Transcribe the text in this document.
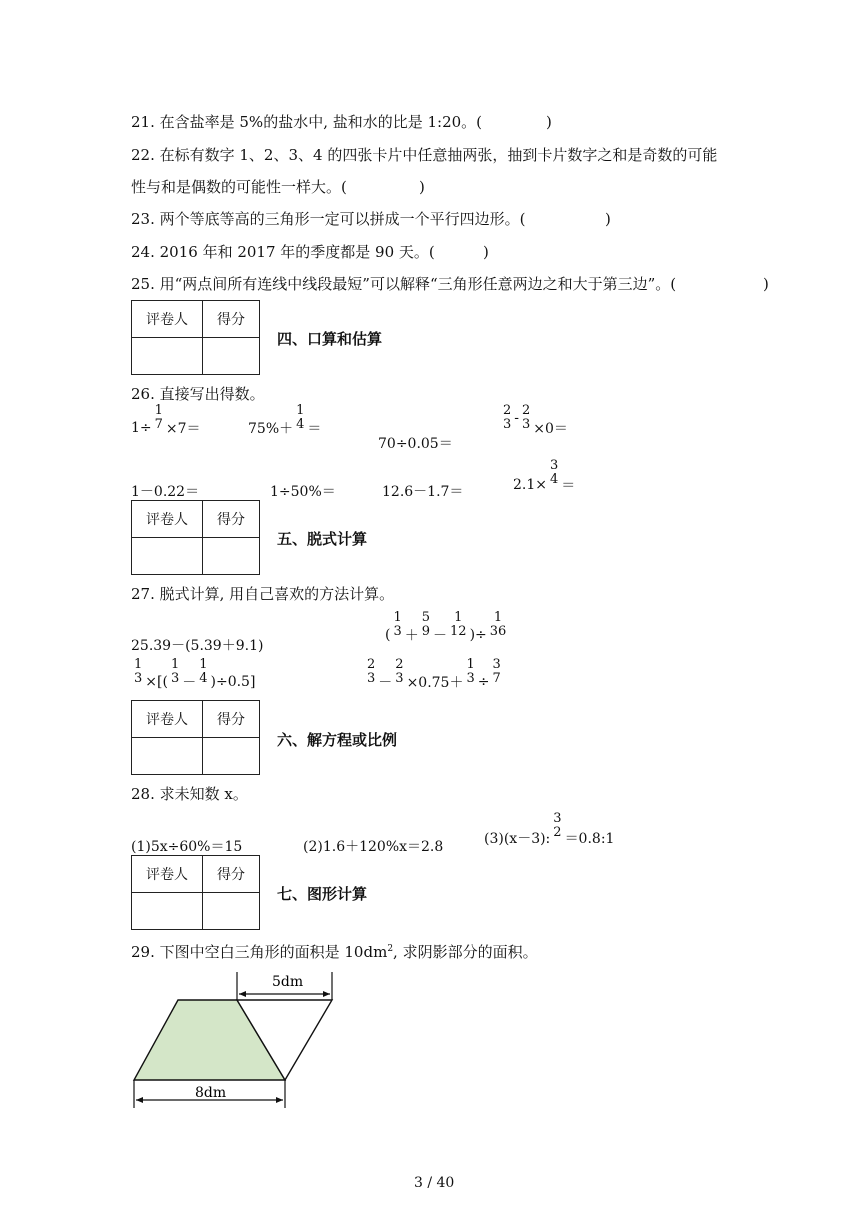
21. 在含盐率是 5%的盐水中, 盐和水的比是 1:20。(	)
22. 在标有数字 1、2、3、4 的四张卡片中任意抽两张，抽到卡片数字之和是奇数的可能
性与和是偶数的可能性一样大。(	)
23. 两个等底等高的三角形一定可以拼成一个平行四边形。(	)
24. 2016 年和 2017 年的季度都是 90 天。(	)
25. 用“两点间所有连线中线段最短”可以解释“三角形任意两边之和大于第三边”。(	)
评卷人	得分

四、口算和估算
26. 直接写出得数。
1÷
1
7 ×7＝	75%＋
1
4 ＝
70÷0.05＝
2
3 - 2
3 ×0＝
1－0.22＝	1÷50%＝	12.6－1.7＝	2.1×
3
4 ＝
评卷人	得分

五、脱式计算
27. 脱式计算, 用自己喜欢的方法计算。
25.39－(5.39＋9.1)
(
1
3 ＋
5
9 －
1
12 )÷
1
36
1
3 ×[(
1
3 －
1
4 )÷0.5]
2
3 －
2
3 ×0.75＋
1
3 ÷
3
7
评卷人	得分

六、解方程或比例
28. 求未知数 x。
(1)5x÷60%＝15	(2)1.6＋120%x＝2.8	(3)(x－3):
3
2 ＝0.8:1
评卷人	得分

七、图形计算
29. 下图中空白三角形的面积是 $10dm^2$, 求阴影部分的面积。
5dm
8dm
3 / 40
